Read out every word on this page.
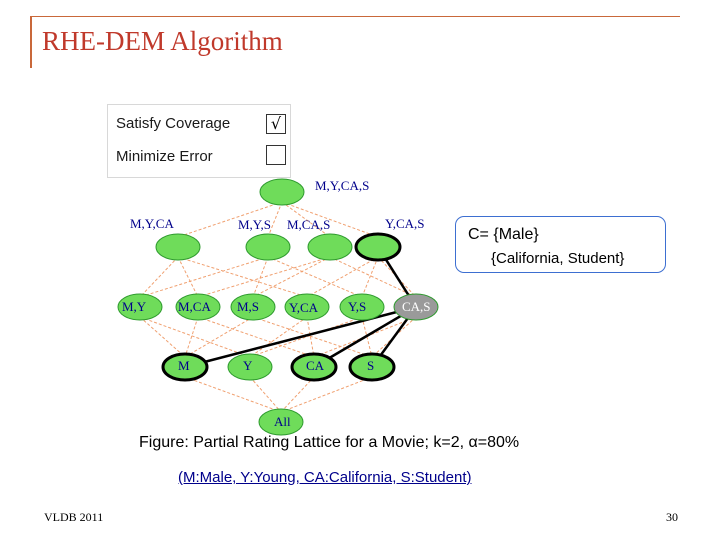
RHE-DEM Algorithm
Satisfy Coverage	√
Minimize Error
M,Y,CA,S
M,Y,CA	M,Y,S M,CA,S	Y,CA,S
M,Y M,CA M,S Y,CA Y,S	CA,S
M	Y	CA	S
All
C= {Male}
{California, Student}
Figure: Partial Rating Lattice for a Movie; k=2, α=80%
(M:Male, Y:Young, CA:California, S:Student)
VLDB 2011	30
